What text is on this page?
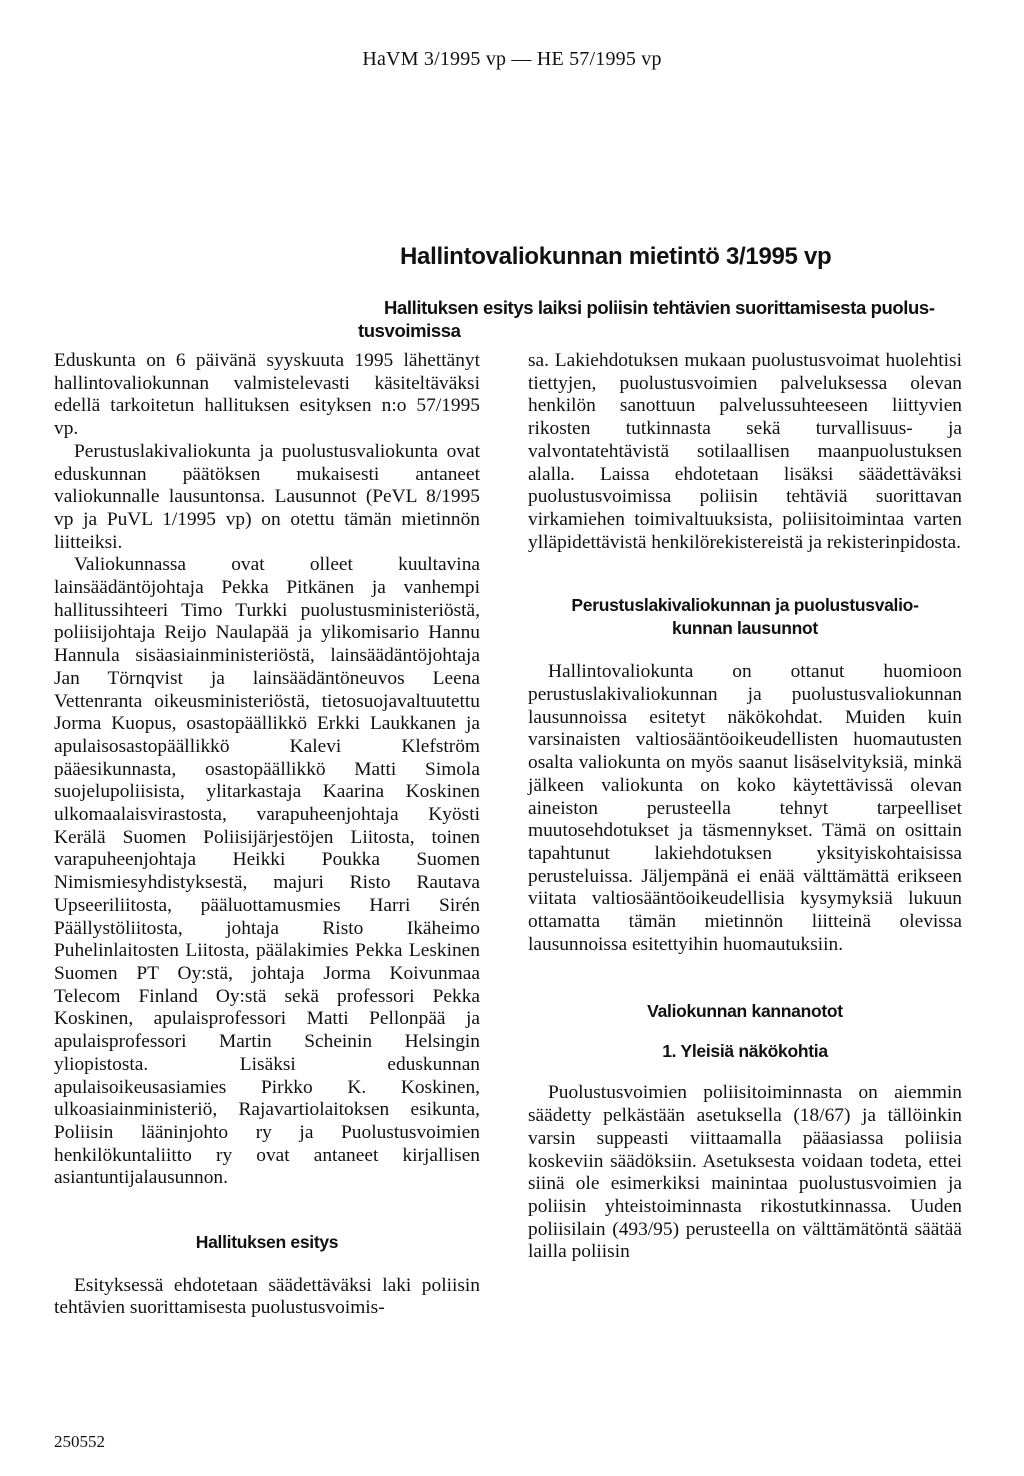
HaVM 3/1995 vp — HE 57/1995 vp
Hallintovaliokunnan mietintö 3/1995 vp
Hallituksen esitys laiksi poliisin tehtävien suorittamisesta puolus-
tusvoimissa

Eduskunta on 6 päivänä syyskuuta 1995 lähettänyt hallintovaliokunnan valmistelevasti käsiteltäväksi edellä tarkoitetun hallituksen esityksen n:o 57/1995 vp.

Perustuslakivaliokunta ja puolustusvaliokunta ovat eduskunnan päätöksen mukaisesti antaneet valiokunnalle lausuntonsa. Lausunnot (PeVL 8/1995 vp ja PuVL 1/1995 vp) on otettu tämän mietinnön liitteiksi.

Valiokunnassa ovat olleet kuultavina lainsäädäntöjohtaja Pekka Pitkänen ja vanhempi hallitussihteeri Timo Turkki puolustusministeriöstä, poliisijohtaja Reijo Naulapää ja ylikomisario Hannu Hannula sisäasiainministeriöstä, lainsäädäntöjohtaja Jan Törnqvist ja lainsäädäntöneuvos Leena Vettenranta oikeusministeriöstä, tietosuojavaltuutettu Jorma Kuopus, osastopäällikkö Erkki Laukkanen ja apulaisosastopäällikkö Kalevi Klefström pääesikunnasta, osastopäällikkö Matti Simola suojelupoliisista, ylitarkastaja Kaarina Koskinen ulkomaalaisvirastosta, varapuheenjohtaja Kyösti Kerälä Suomen Poliisijärjestöjen Liitosta, toinen varapuheenjohtaja Heikki Poukka Suomen Nimismiesyhdistyksestä, majuri Risto Rautava Upseeriliitosta, pääluottamusmies Harri Sirén Päällystöliitosta, johtaja Risto Ikäheimo Puhelinlaitosten Liitosta, päälakimies Pekka Leskinen Suomen PT Oy:stä, johtaja Jorma Koivunmaa Telecom Finland Oy:stä sekä professori Pekka Koskinen, apulaisprofessori Matti Pellonpää ja apulaisprofessori Martin Scheinin Helsingin yliopistosta. Lisäksi eduskunnan apulaisoikeusasiamies Pirkko K. Koskinen, ulkoasiainministeriö, Rajavartiolaitoksen esikunta, Poliisin lääninjohto ry ja Puolustusvoimien henkilökuntaliitto ry ovat antaneet kirjallisen asiantuntijalausunnon.

Hallituksen esitys

Esityksessä ehdotetaan säädettäväksi laki poliisin tehtävien suorittamisesta puolustusvoimis-

sa. Lakiehdotuksen mukaan puolustusvoimat huolehtisi tiettyjen, puolustusvoimien palveluksessa olevan henkilön sanottuun palvelussuhteeseen liittyvien rikosten tutkinnasta sekä turvallisuus- ja valvontatehtävistä sotilaallisen maanpuolustuksen alalla. Laissa ehdotetaan lisäksi säädettäväksi puolustusvoimissa poliisin tehtäviä suorittavan virkamiehen toimivaltuuksista, poliisitoimintaa varten ylläpidettävistä henkilörekistereistä ja rekisterinpidosta.

Perustuslakivaliokunnan ja puolustusvalio-
kunnan lausunnot

Hallintovaliokunta on ottanut huomioon perustuslakivaliokunnan ja puolustusvaliokunnan lausunnoissa esitetyt näkökohdat. Muiden kuin varsinaisten valtiosääntöoikeudellisten huomautusten osalta valiokunta on myös saanut lisäselvityksiä, minkä jälkeen valiokunta on koko käytettävissä olevan aineiston perusteella tehnyt tarpeelliset muutosehdotukset ja täsmennykset. Tämä on osittain tapahtunut lakiehdotuksen yksityiskohtaisissa perusteluissa. Jäljempänä ei enää välttämättä erikseen viitata valtiosääntöoikeudellisia kysymyksiä lukuun ottamatta tämän mietinnön liitteinä olevissa lausunnoissa esitettyihin huomautuksiin.

Valiokunnan kannanotot
1. Yleisiä näkökohtia

Puolustusvoimien poliisitoiminnasta on aiemmin säädetty pelkästään asetuksella (18/67) ja tällöinkin varsin suppeasti viittaamalla pääasiassa poliisia koskeviin säädöksiin. Asetuksesta voidaan todeta, ettei siinä ole esimerkiksi mainintaa puolustusvoimien ja poliisin yhteistoiminnasta rikostutkinnassa. Uuden poliisilain (493/95) perusteella on välttämätöntä säätää lailla poliisin

250552
